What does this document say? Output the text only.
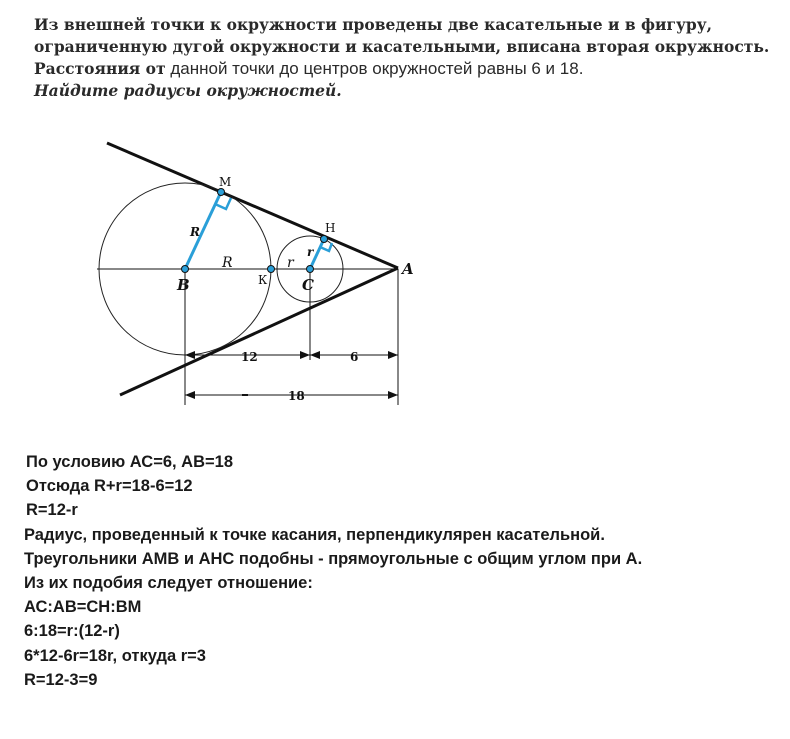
Из внешней точки к окружности проведены две касательные и в фигуру,

ограниченную дугой окружности и касательными, вписана вторая окружность.

Расстояния от данной точки до центров окружностей равны 6 и 18.

Найдите радиусы окружностей.

М
Н
A
B	C
К
R
R
r
r
12	6
18
По условию АС=6, АВ=18
Отсюда R+r=18-6=12
R=12-r
Радиус, проведенный к точке касания, перпендикулярен касательной.
Треугольники АМВ и АНС подобны - прямоугольные с общим углом при А.
Из их подобия следует отношение:
АС:АВ=СН:ВМ
6:18=r:(12-r)
6*12-6r=18r, откуда r=3
R=12-3=9
